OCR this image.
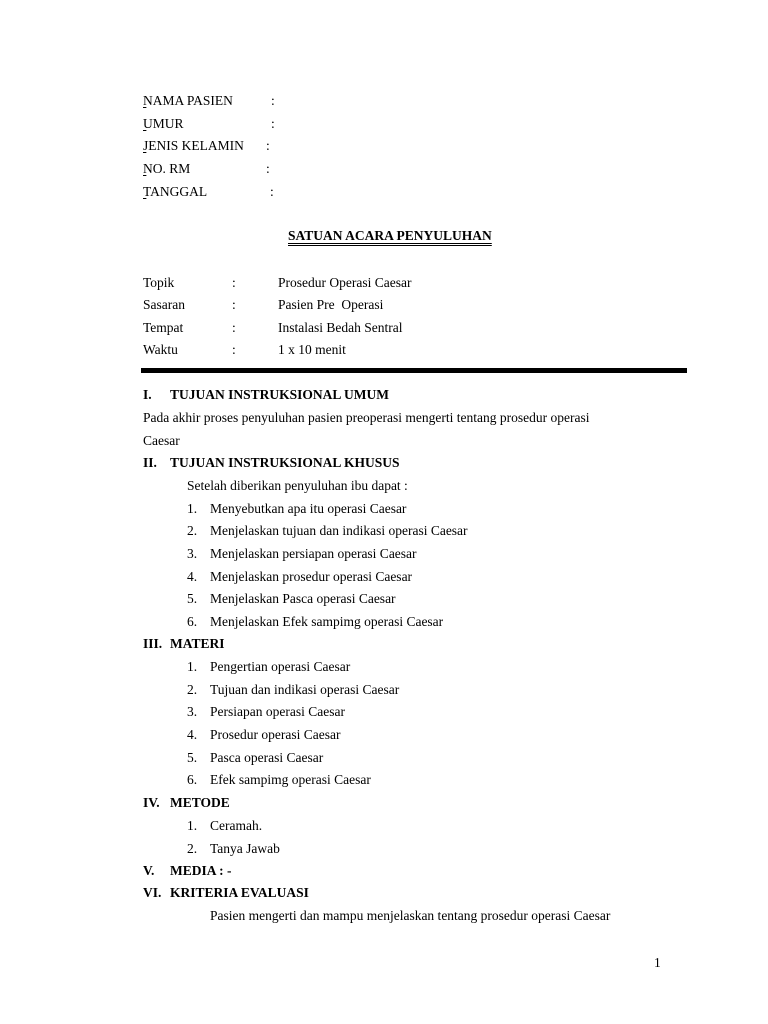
NAMA PASIEN	:

UMUR	:

JENIS KELAMIN :

NO. RM	:

TANGGAL	:

SATUAN ACARA PENYULUHAN
Topik	:	Prosedur Operasi Caesar
Sasaran	:	Pasien Pre  Operasi
Tempat	:	Instalasi Bedah Sentral
Waktu	:	1 x 10 menit
I. TUJUAN INSTRUKSIONAL UMUM
Pada akhir proses penyuluhan pasien preoperasi mengerti tentang prosedur operasi
Caesar
II. TUJUAN INSTRUKSIONAL KHUSUS
Setelah diberikan penyuluhan ibu dapat :
1. Menyebutkan apa itu operasi Caesar
2. Menjelaskan tujuan dan indikasi operasi Caesar
3. Menjelaskan persiapan operasi Caesar
4. Menjelaskan prosedur operasi Caesar
5. Menjelaskan Pasca operasi Caesar
6. Menjelaskan Efek sampimg operasi Caesar
III. MATERI
1. Pengertian operasi Caesar
2. Tujuan dan indikasi operasi Caesar
3. Persiapan operasi Caesar
4. Prosedur operasi Caesar
5. Pasca operasi Caesar
6. Efek sampimg operasi Caesar
IV. METODE
1. Ceramah.
2. Tanya Jawab
V. MEDIA : -
VI. KRITERIA EVALUASI
Pasien mengerti dan mampu menjelaskan tentang prosedur operasi Caesar
1
